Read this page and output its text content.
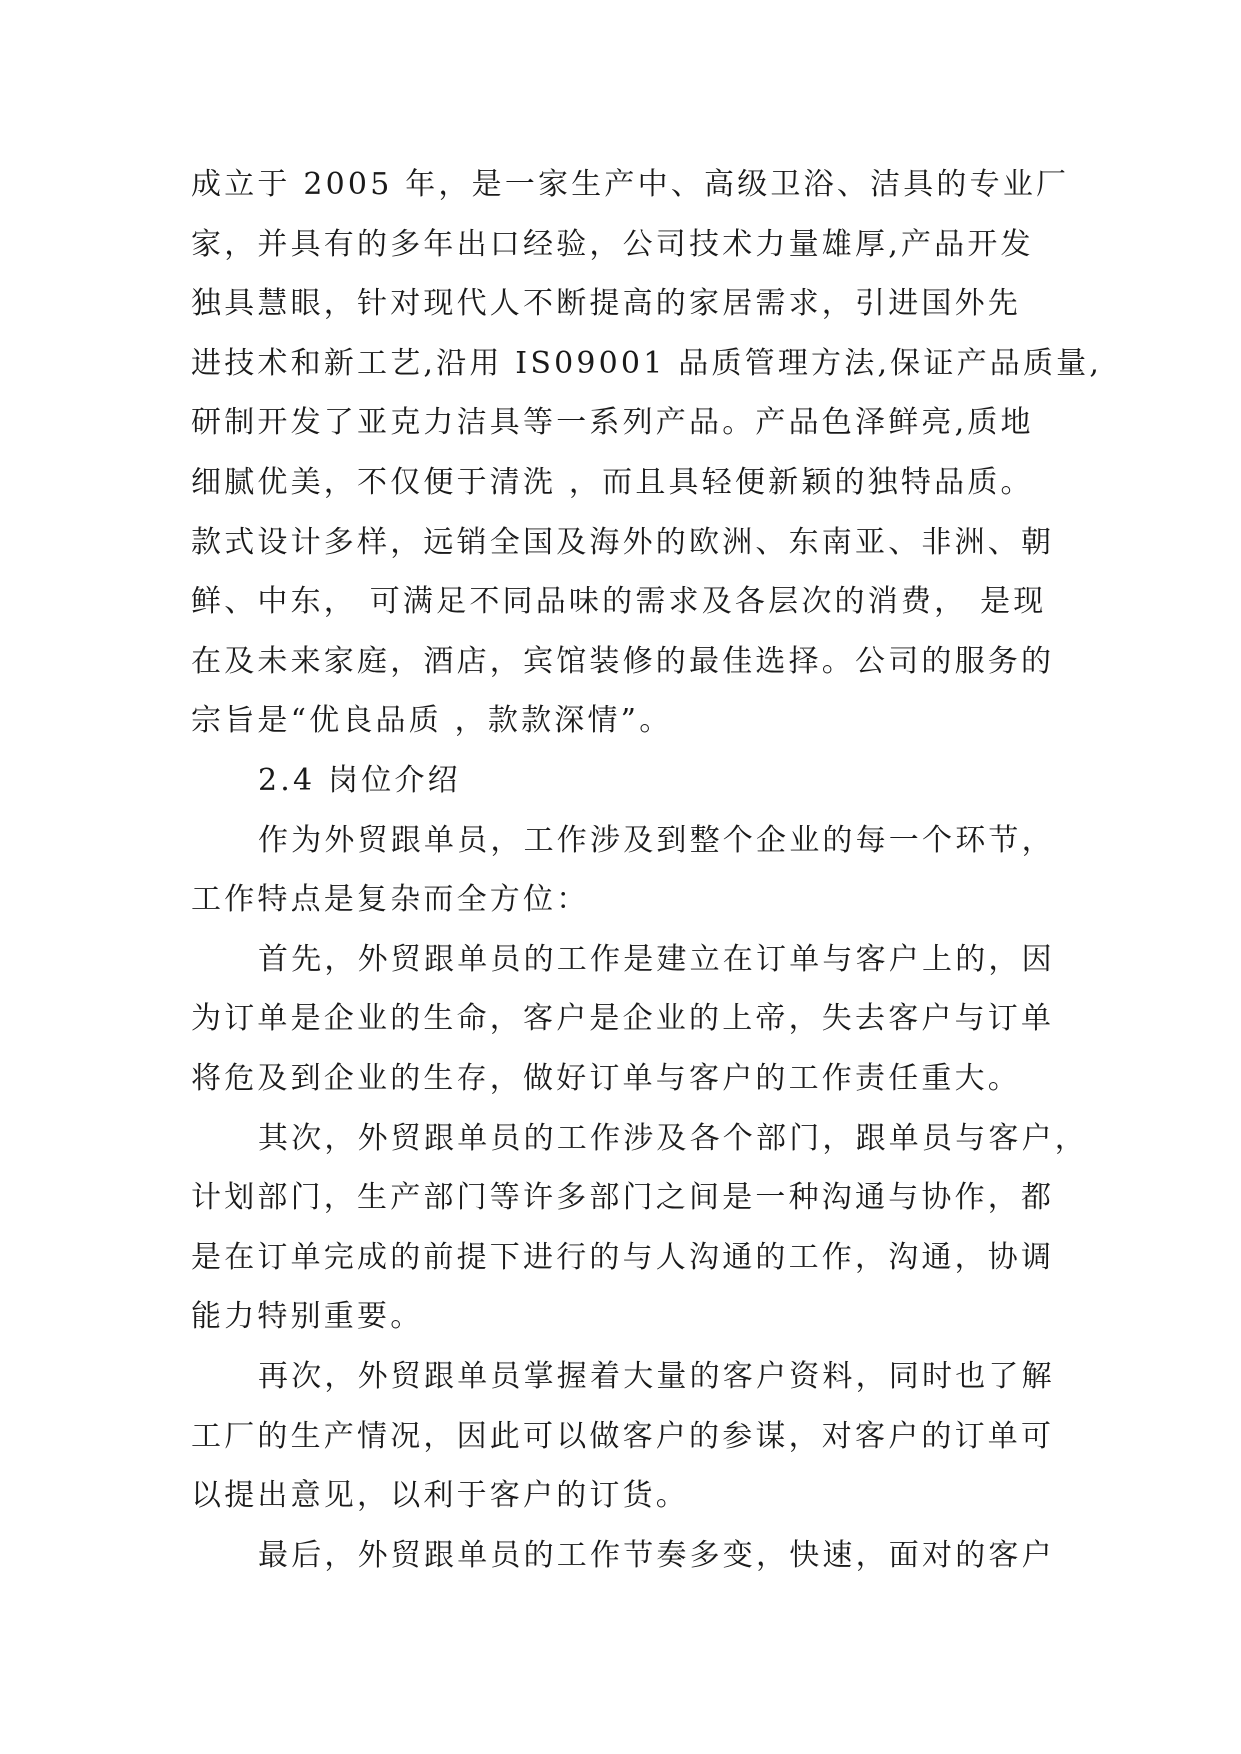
成立于 2005 年，是一家生产中、高级卫浴、洁具的专业厂

家，并具有的多年出口经验，公司技术力量雄厚,产品开发

独具慧眼，针对现代人不断提高的家居需求，引进国外先

进技术和新工艺,沿用 IS09001 品质管理方法,保证产品质量,

研制开发了亚克力洁具等一系列产品。产品色泽鲜亮,质地

细腻优美，不仅便于清洗 ，而且具轻便新颖的独特品质。

款式设计多样，远销全国及海外的欧洲、东南亚、非洲、朝

鲜、中东， 可满足不同品味的需求及各层次的消费， 是现

在及未来家庭，酒店，宾馆装修的最佳选择。公司的服务的

宗旨是“优良品质 ，款款深情”。

2.4 岗位介绍

作为外贸跟单员，工作涉及到整个企业的每一个环节，

工作特点是复杂而全方位：

首先，外贸跟单员的工作是建立在订单与客户上的，因

为订单是企业的生命，客户是企业的上帝，失去客户与订单

将危及到企业的生存，做好订单与客户的工作责任重大。

其次，外贸跟单员的工作涉及各个部门，跟单员与客户，

计划部门，生产部门等许多部门之间是一种沟通与协作，都

是在订单完成的前提下进行的与人沟通的工作，沟通，协调

能力特别重要。

再次，外贸跟单员掌握着大量的客户资料，同时也了解

工厂的生产情况，因此可以做客户的参谋，对客户的订单可

以提出意见，以利于客户的订货。

最后，外贸跟单员的工作节奏多变，快速，面对的客户
